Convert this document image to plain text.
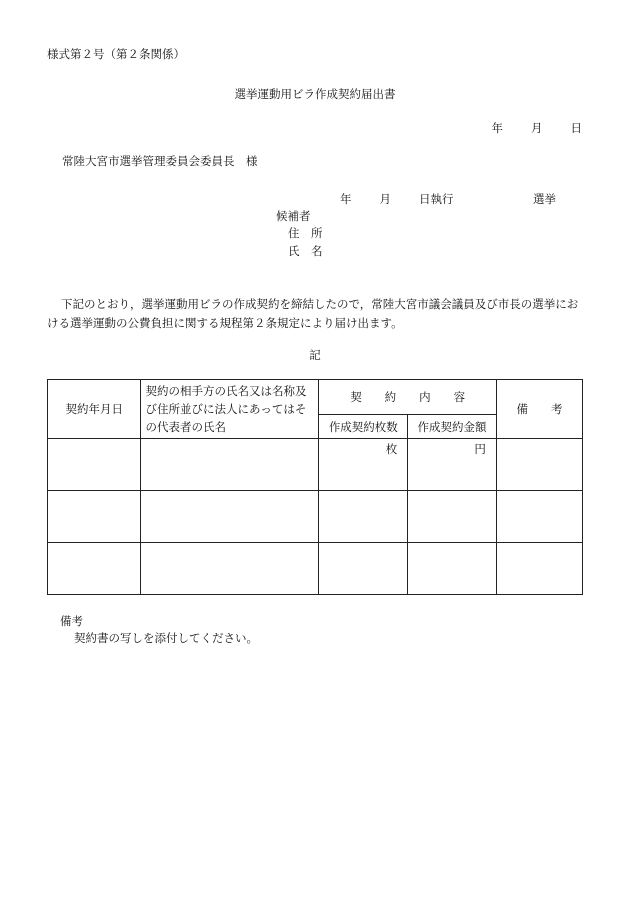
様式第２号（第２条関係）
選挙運動用ビラ作成契約届出書
年 月 日
常陸大宮市選挙管理委員会委員長　様
年 月 日執行	選挙
候補者
住　所
氏　名
下記のとおり，選挙運動用ビラの作成契約を締結したので，常陸大宮市議会議員及び市長の選挙における選挙運動の公費負担に関する規程第２条規定により届け出ます。
記
契約年月日	契約の相手方の氏名又は名称及び住所並びに法人にあってはその代表者の氏名	契　　約　　内　　容		備　　考
		作成契約枚数	作成契約金額	

		枚	円	

備考
契約書の写しを添付してください。
